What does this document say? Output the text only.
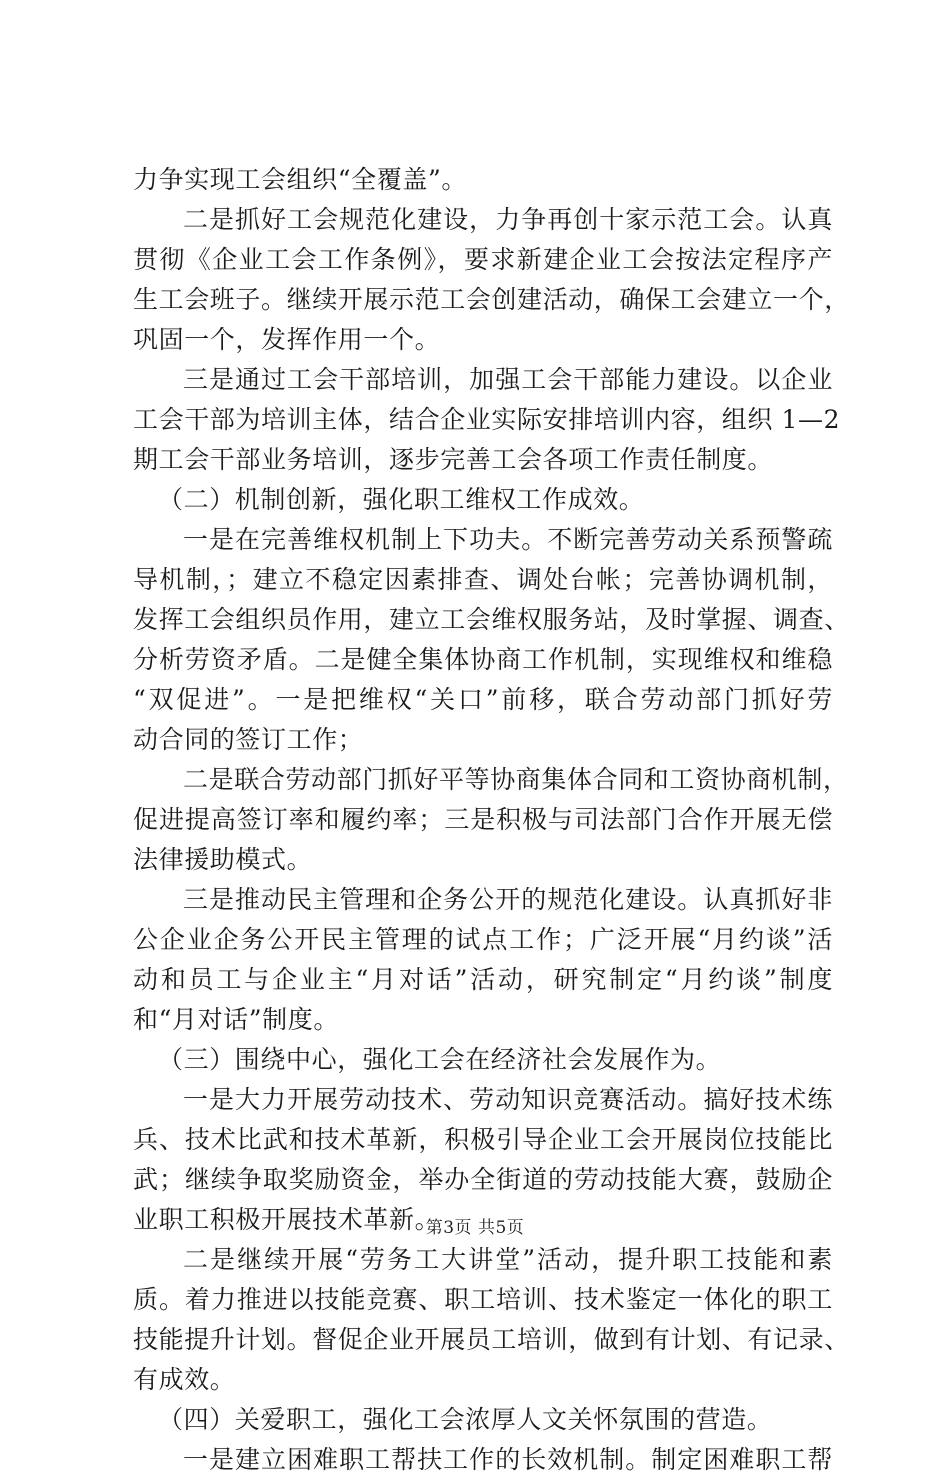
力争实现工会组织“全覆盖”。
二是抓好工会规范化建设，力争再创十家示范工会。认真
贯彻《企业工会工作条例》，要求新建企业工会按法定程序产
生工会班子。继续开展示范工会创建活动，确保工会建立一个，
巩固一个，发挥作用一个。
三是通过工会干部培训，加强工会干部能力建设。以企业
工会干部为培训主体，结合企业实际安排培训内容，组织 1—2
期工会干部业务培训，逐步完善工会各项工作责任制度。
（二）机制创新，强化职工维权工作成效。
一是在完善维权机制上下功夫。不断完善劳动关系预警疏
导机制，；建立不稳定因素排查、调处台帐；完善协调机制，
发挥工会组织员作用，建立工会维权服务站，及时掌握、调查、
分析劳资矛盾。二是健全集体协商工作机制，实现维权和维稳
“双促进”。一是把维权“关口”前移，联合劳动部门抓好劳
动合同的签订工作；
二是联合劳动部门抓好平等协商集体合同和工资协商机制，
促进提高签订率和履约率；三是积极与司法部门合作开展无偿
法律援助模式。
三是推动民主管理和企务公开的规范化建设。认真抓好非
公企业企务公开民主管理的试点工作；广泛开展“月约谈”活
动和员工与企业主“月对话”活动，研究制定“月约谈”制度
和“月对话”制度。
（三）围绕中心，强化工会在经济社会发展作为。
一是大力开展劳动技术、劳动知识竞赛活动。搞好技术练
兵、技术比武和技术革新，积极引导企业工会开展岗位技能比
武；继续争取奖励资金，举办全街道的劳动技能大赛，鼓励企
业职工积极开展技术革新。
二是继续开展“劳务工大讲堂”活动，提升职工技能和素
质。着力推进以技能竞赛、职工培训、技术鉴定一体化的职工
技能提升计划。督促企业开展员工培训，做到有计划、有记录、
有成效。
（四）关爱职工，强化工会浓厚人文关怀氛围的营造。
一是建立困难职工帮扶工作的长效机制。制定困难职工帮
第3页 共5页
